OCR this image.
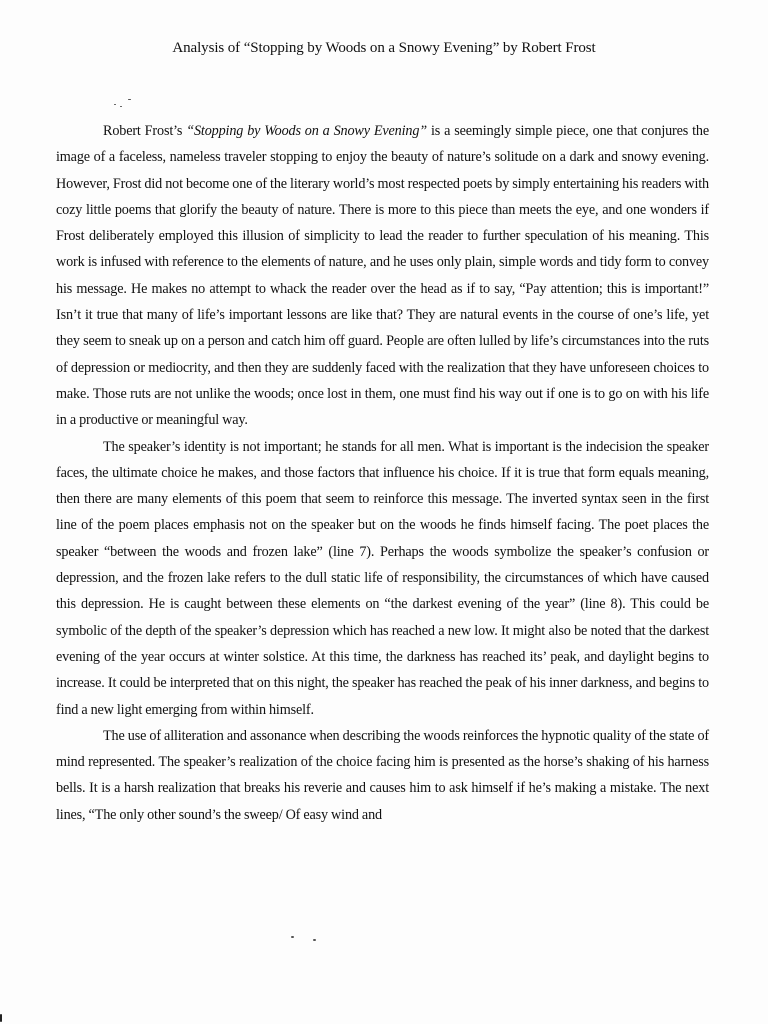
Analysis of “Stopping by Woods on a Snowy Evening” by Robert Frost

Robert Frost’s “Stopping by Woods on a Snowy Evening” is a seemingly simple piece, one that conjures the image of a faceless, nameless traveler stopping to enjoy the beauty of nature’s solitude on a dark and snowy evening. However, Frost did not become one of the literary world’s most respected poets by simply entertaining his readers with cozy little poems that glorify the beauty of nature. There is more to this piece than meets the eye, and one wonders if Frost deliberately employed this illusion of simplicity to lead the reader to further speculation of his meaning. This work is infused with reference to the elements of nature, and he uses only plain, simple words and tidy form to convey his message. He makes no attempt to whack the reader over the head as if to say, “Pay attention; this is important!” Isn’t it true that many of life’s important lessons are like that? They are natural events in the course of one’s life, yet they seem to sneak up on a person and catch him off guard. People are often lulled by life’s circumstances into the ruts of depression or mediocrity, and then they are suddenly faced with the realization that they have unforeseen choices to make. Those ruts are not unlike the woods; once lost in them, one must find his way out if one is to go on with his life in a productive or meaningful way.

The speaker’s identity is not important; he stands for all men. What is important is the indecision the speaker faces, the ultimate choice he makes, and those factors that influence his choice. If it is true that form equals meaning, then there are many elements of this poem that seem to reinforce this message. The inverted syntax seen in the first line of the poem places emphasis not on the speaker but on the woods he finds himself facing. The poet places the speaker “between the woods and frozen lake” (line 7). Perhaps the woods symbolize the speaker’s confusion or depression, and the frozen lake refers to the dull static life of responsibility, the circumstances of which have caused this depression. He is caught between these elements on “the darkest evening of the year” (line 8). This could be symbolic of the depth of the speaker’s depression which has reached a new low. It might also be noted that the darkest evening of the year occurs at winter solstice. At this time, the darkness has reached its’ peak, and daylight begins to increase. It could be interpreted that on this night, the speaker has reached the peak of his inner darkness, and begins to find a new light emerging from within himself.

The use of alliteration and assonance when describing the woods reinforces the hypnotic quality of the state of mind represented. The speaker’s realization of the choice facing him is presented as the horse’s shaking of his harness bells. It is a harsh realization that breaks his reverie and causes him to ask himself if he’s making a mistake. The next lines, “The only other sound’s the sweep/ Of easy wind and
